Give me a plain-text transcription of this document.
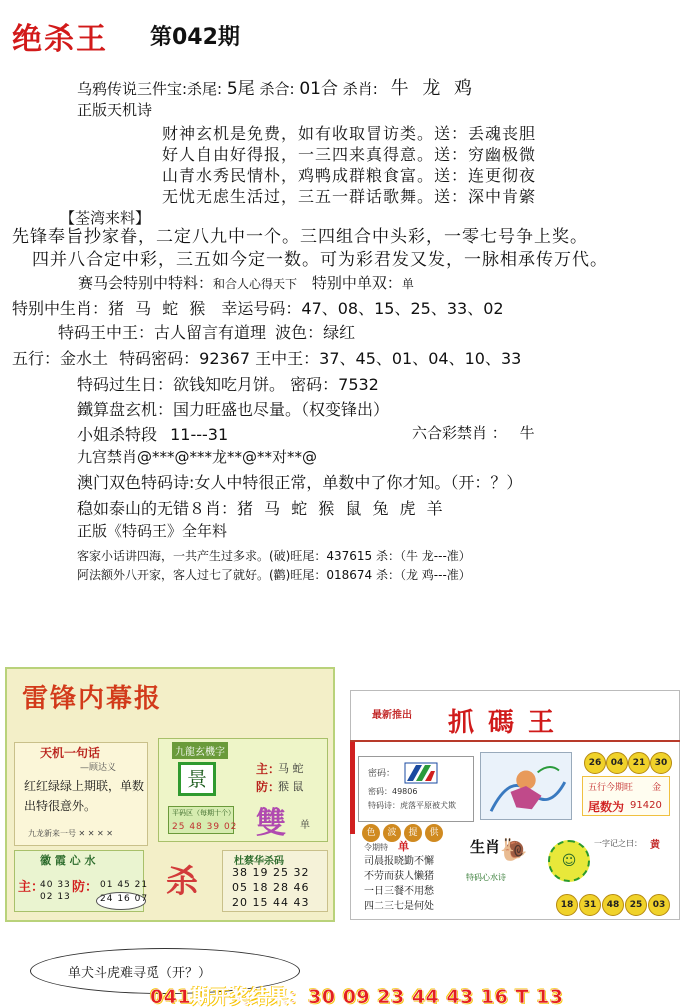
绝杀王 第042期
乌鸦传说三件宝:杀尾: 5尾 杀合: 01合 杀肖: 牛 龙 鸡
正版天机诗
财神玄机是免费，如有收取冒访类。送：丢魂丧胆
好人自由好得报，一三四来真得意。送：穷幽极微
山青水秀民情朴，鸡鸭成群粮食富。送：连更彻夜
无忧无虑生活过，三五一群话歌舞。送：深中肯綮
【荃湾来料】
先锋奉旨抄家眷，二定八九中一个。三四组合中头彩，一零七号争上奖。
四并八合定中彩，三五如今定一数。可为彩君发又发，一脉相承传万代。
赛马会特别中特料：和合人心得天下 特别中单双：单
特别中生肖：猪 马 蛇 猴 幸运号码：47、08、15、25、33、02
特码王中王：古人留言有道理 波色：绿红
五行：金水土 特码密码：92367 王中王：37、45、01、04、10、33
特码过生日：欲钱知吃月饼。 密码：7532
鐵算盘玄机：国力旺盛也尽量。（权变锋出）
小姐杀特段 11---31	六合彩禁肖 ： 牛
九宫禁肖@***@***龙**@**对**@
澳门双色特码诗:女人中特很正常，单数中了你才知。（开：？）
稳如泰山的无错８肖：猪 马 蛇 猴 鼠 兔 虎 羊
正版《特码王》全年料
客家小话讲四海，一共产生过多求。(破)旺尾：437615 杀：（牛 龙---准）
阿法额外八开家，客人过七了就好。(鹳)旺尾：018674 杀：（龙 鸡---准）
雷锋内幕报
天机一句话
—顾达义
红红绿绿上期联，单数出特很意外。
九龙新来一号 ✕ ✕ ✕ ✕
九龍玄機字
景
平码区（每期十个）
25 48 39 02
主：
马 蛇
防：
猴 鼠
雙 单
徽 霞 心 水
主：
40 33
02 13
防： 01 45 21
24 16 07 杀
杜蔡华杀码
38 19 25 32
05 18 28 46
20 15 44 43
最新推出 抓碼王
密码：
密码：49806
特码诗：虎落平原被犬欺
26	04	21	30
五行今期旺 金
尾数为 91420
色 波 提 供
令期特 单
司晨报晓勤不懈
不劳而获人懒猪
一日三餐不用愁
四二三七是何处
生肖
特码心水诗
🐌	☺
一字记之曰： 黄
18	31	48	25	03
单犬斗虎难寻觅（开？）
041期开奖结果：30 09 23 44 43 16 T 13
